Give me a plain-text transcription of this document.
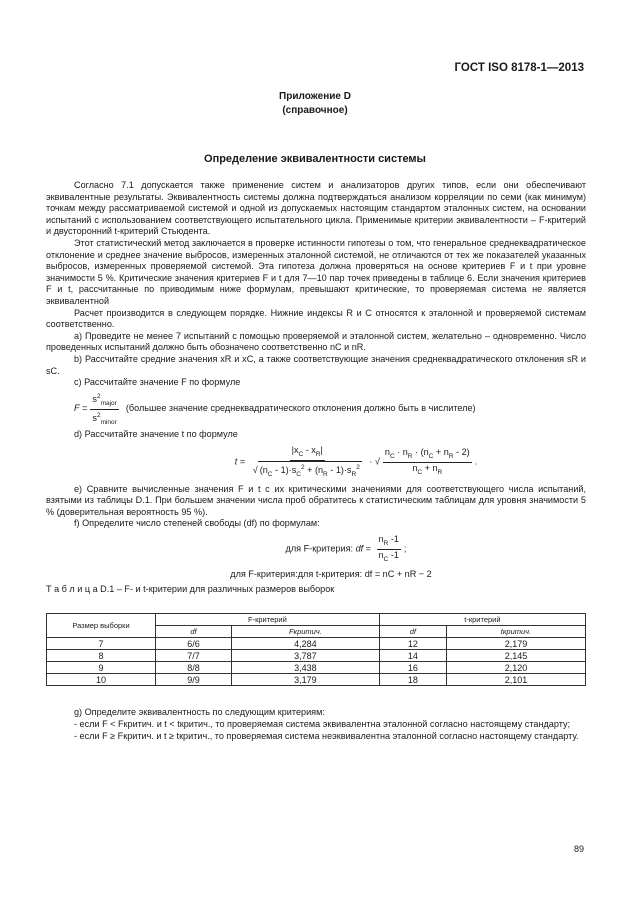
ГОСТ ISO 8178-1—2013
Приложение D
(справочное)
Определение эквивалентности системы

Согласно 7.1 допускается также применение систем и анализаторов других типов, если они обеспечивают эквивалентные результаты. Эквивалентность системы должна подтверждаться анализом корреляции по семи (как минимум) точкам между рассматриваемой системой и одной из допускаемых настоящим стандартом эталонных систем, на основании испытаний с использованием соответствующего испытательного цикла. Применимые критерии эквивалентности – F-критерий и двусторонний t-критерий Стьюдента.

Этот статистический метод заключается в проверке истинности гипотезы о том, что генеральное среднеквадратическое отклонение и среднее значение выбросов, измеренных эталонной системой, не отличаются от тех же показателей указанных выбросов, измеренных проверяемой системой. Эта гипотеза должна проверяться на основе критериев F и t при уровне значимости 5 %. Критические значения критериев F и t для 7—10 пар точек приведены в таблице 6. Если значения критериев F и t, рассчитанные по приводимым ниже формулам, превышают критические, то проверяемая система не является эквивалентной

Расчет производится в следующем порядке. Нижние индексы R и C относятся к эталонной и проверяемой системам соответственно.

a) Проведите не менее 7 испытаний с помощью проверяемой и эталонной систем, желательно – одновременно. Число проведенных испытаний должно быть обозначено соответственно nC и nR.

b) Рассчитайте средние значения xR и xC, а также соответствующие значения среднеквадратического отклонения sR и sC.

c) Рассчитайте значение F по формуле

$F = \frac{s^2_{major}}{s^2_{minor}}$ (большее значение среднеквадратического отклонения должно быть в числителе)

d) Рассчитайте значение t по формуле

$t = \frac{|x_C - x_R|}{√ (n_C - 1)\cdot s_C^2 + (n_R - 1)\cdot s_R^2}$ · √ $\frac{n_C \cdot n_R \cdot (n_C + n_R - 2)}{n_C + n_R}$ .

e) Сравните вычисленные значения F и t с их критическими значениями для соответствующего числа испытаний, взятыми из таблицы D.1. При большем значении числа проб обратитесь к статистическим таблицам для уровня значимости 5 % (доверительная вероятность 95 %).

f) Определите число степеней свободы (df) по формулам:

для F-критерия: df = $\frac{n_R -1}{n_C -1}$ ;
для F-критерия:для t-критерия: df = nC + nR − 2
Т а б л и ц а D.1 – F- и t-критерии для различных размеров выборок
Размер выборки	F-критерий		t-критерий	
	df	Fкритич.	df	tкритич.
7	6/6	4,284	12	2,179
8	7/7	3,787	14	2,145
9	8/8	3,438	16	2,120
10	9/9	3,179	18	2,101

g) Определите эквивалентность по следующим критериям:

- если F < Fкритич. и t < tкритич., то проверяемая система эквивалентна эталонной согласно настоящему стандарту;

- если F ≥ Fкритич. и t ≥ tкритич., то проверяемая система неэквивалентна эталонной согласно настоящему стандарту.

89
